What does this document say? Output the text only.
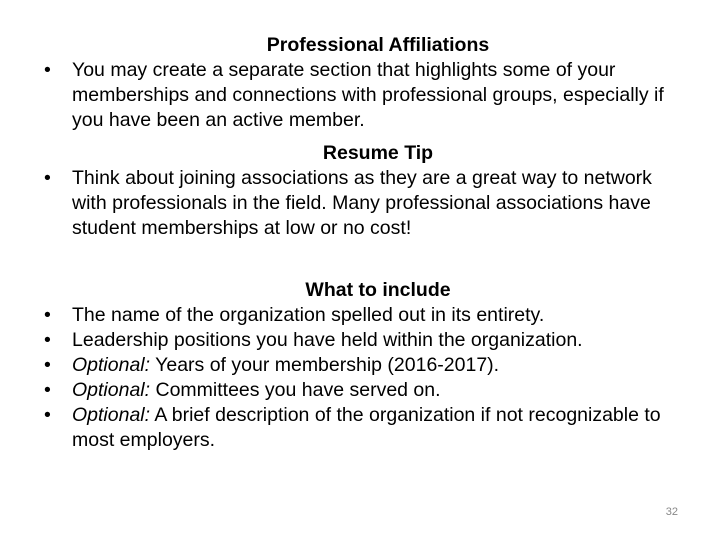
Professional Affiliations
•	You may create a separate section that highlights some of your memberships and connections with professional groups, especially if you have been an active member.
Resume Tip
•	Think about joining associations as they are a great way to network with professionals in the field. Many professional associations have student memberships at low or no cost!
What to include
•	The name of the organization spelled out in its entirety.
•	Leadership positions you have held within the organization.
•	Optional: Years of your membership (2016-2017).
•	Optional: Committees you have served on.
•	Optional: A brief description of the organization if not recognizable to most employers.
32
